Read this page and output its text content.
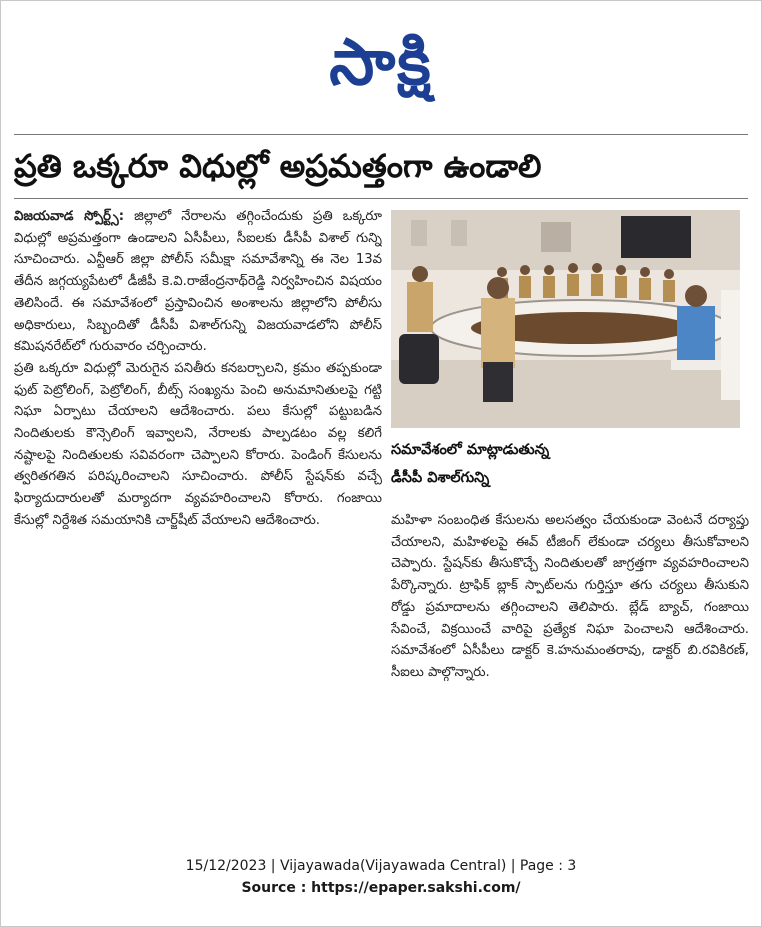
సాక్షి
ప్రతి ఒక్కరూ విధుల్లో అప్రమత్తంగా ఉండాలి

విజయవాడ స్పోర్ట్స్: జిల్లాలో నేరాలను తగ్గించేందుకు ప్రతి ఒక్కరూ విధుల్లో అప్రమత్తంగా ఉండాలని ఏసీపీలు, సీఐలకు డీసీపీ విశాల్ గున్ని సూచించారు. ఎన్టీఆర్ జిల్లా పోలీస్ సమీక్షా సమావేశాన్ని ఈ నెల 13వ తేదీన జగ్గయ్యపేటలో డీజీపీ కె.వి.రాజేంద్రనాథ్‌రెడ్డి నిర్వహించిన విషయం తెలిసిందే. ఈ సమావేశంలో ప్రస్తావించిన అంశాలను జిల్లాలోని పోలీసు అధికారులు, సిబ్బందితో డీసీపీ విశాల్‌గున్ని విజయవాడలోని పోలీస్ కమిషనరేట్‌లో గురువారం చర్చించారు.

ప్రతి ఒక్కరూ విధుల్లో మెరుగైన పనితీరు కనబర్చాలని, క్రమం తప్పకుండా ఫుట్ పెట్రోలింగ్, పెట్రోలింగ్, బీట్స్ సంఖ్యను పెంచి అనుమానితులపై గట్టి నిఘా ఏర్పాటు చేయాలని ఆదేశించారు. పలు కేసుల్లో పట్టుబడిన నిందితులకు కౌన్సెలింగ్ ఇవ్వాలని, నేరాలకు పాల్పడటం వల్ల కలిగే నష్టాలపై నిందితులకు సవివరంగా చెప్పాలని కోరారు. పెండింగ్ కేసులను త్వరితగతిన పరిష్కరించాలని సూచించారు. పోలీస్ స్టేషన్‌కు వచ్చే ఫిర్యాదుదారులతో మర్యాదగా వ్యవహరించాలని కోరారు. గంజాయి కేసుల్లో నిర్దేశిత సమయానికి చార్జ్‌షీట్ వేయాలని ఆదేశించారు.

సమావేశంలో మాట్లాడుతున్న
డీసీపీ విశాల్‌గున్ని

మహిళా సంబంధిత కేసులను అలసత్వం చేయకుండా వెంటనే దర్యాప్తు చేయాలని, మహిళలపై ఈవ్ టీజింగ్ లేకుండా చర్యలు తీసుకోవాలని చెప్పారు. స్టేషన్‌కు తీసుకొచ్చే నిందితులతో జాగ్రత్తగా వ్యవహరించాలని పేర్కొన్నారు. ట్రాఫిక్ బ్లాక్ స్పాట్‌లను గుర్తిస్తూ తగు చర్యలు తీసుకుని రోడ్డు ప్రమాదాలను తగ్గించాలని తెలిపారు. బ్లేడ్ బ్యాచ్, గంజాయి సేవించే, విక్రయించే వారిపై ప్రత్యేక నిఘా పెంచాలని ఆదేశించారు. సమావేశంలో ఏసీపీలు డాక్టర్ కె.హనుమంతరావు, డాక్టర్ బి.రవికిరణ్, సీఐలు పాల్గొన్నారు.

15/12/2023 | Vijayawada(Vijayawada Central) | Page : 3
Source : https://epaper.sakshi.com/
